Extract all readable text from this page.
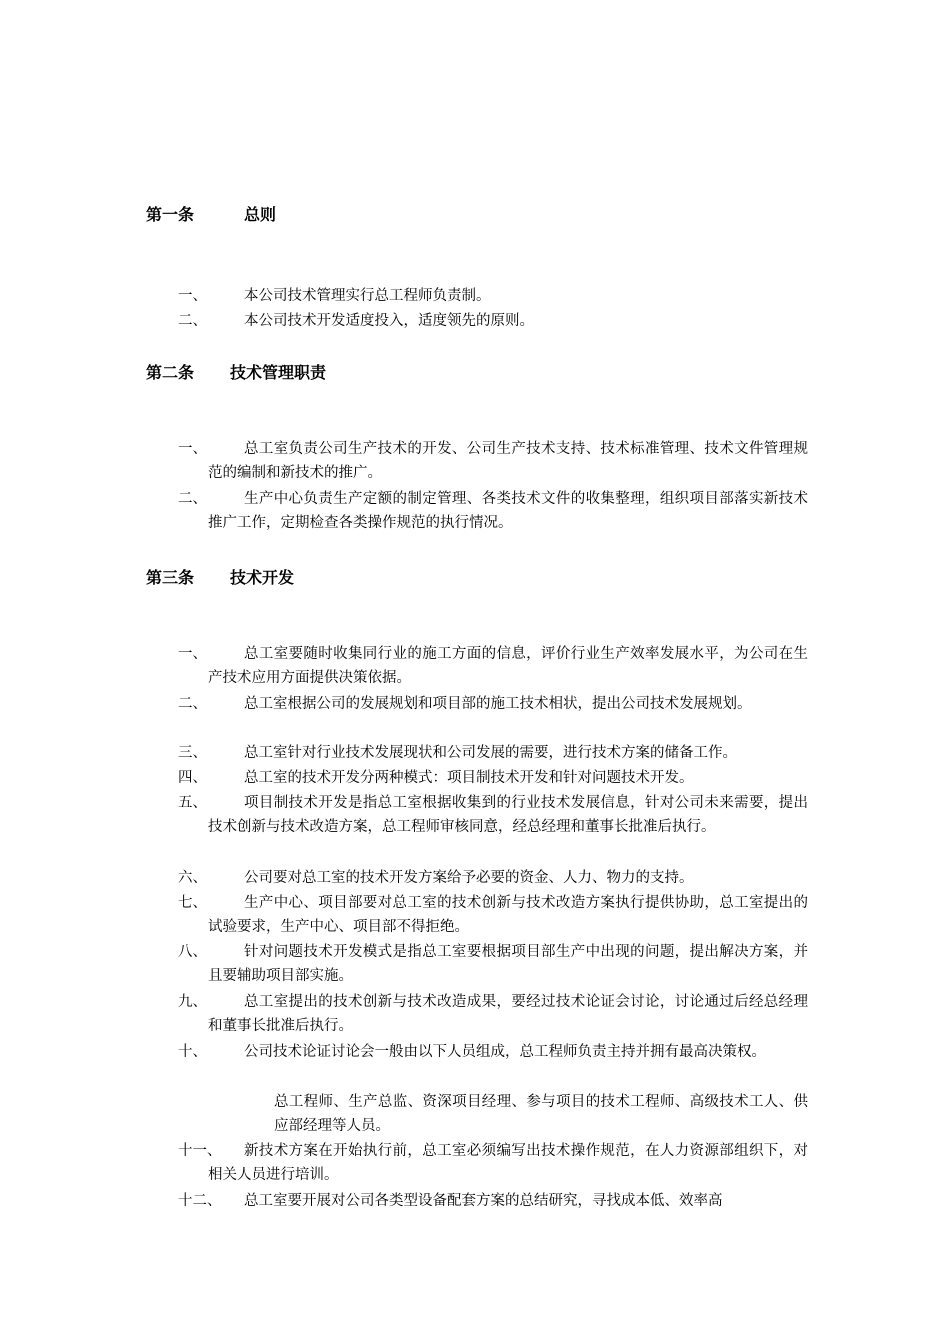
第一条	总则
一、	本公司技术管理实行总工程师负责制。
二、	本公司技术开发适度投入，适度领先的原则。
第二条 技术管理职责
一、	总工室负责公司生产技术的开发、公司生产技术支持、技术标准管理、技术文件管理规范的编制和新技术的推广。
二、	生产中心负责生产定额的制定管理、各类技术文件的收集整理，组织项目部落实新技术推广工作，定期检查各类操作规范的执行情况。
第三条 技术开发
一、	总工室要随时收集同行业的施工方面的信息，评价行业生产效率发展水平，为公司在生产技术应用方面提供决策依据。
二、	总工室根据公司的发展规划和项目部的施工技术相状，提出公司技术发展规划。
三、	总工室针对行业技术发展现状和公司发展的需要，进行技术方案的储备工作。
四、	总工室的技术开发分两种模式：项目制技术开发和针对问题技术开发。
五、	项目制技术开发是指总工室根据收集到的行业技术发展信息，针对公司未来需要，提出技术创新与技术改造方案，总工程师审核同意，经总经理和董事长批准后执行。
六、	公司要对总工室的技术开发方案给予必要的资金、人力、物力的支持。
七、	生产中心、项目部要对总工室的技术创新与技术改造方案执行提供协助，总工室提出的试验要求，生产中心、项目部不得拒绝。
八、	针对问题技术开发模式是指总工室要根据项目部生产中出现的问题，提出解决方案，并且要辅助项目部实施。
九、	总工室提出的技术创新与技术改造成果，要经过技术论证会讨论，讨论通过后经总经理和董事长批准后执行。
十、	公司技术论证讨论会一般由以下人员组成，总工程师负责主持并拥有最高决策权。
总工程师、生产总监、资深项目经理、参与项目的技术工程师、高级技术工人、供应部经理等人员。
十一、	新技术方案在开始执行前，总工室必须编写出技术操作规范，在人力资源部组织下，对相关人员进行培训。
十二、	总工室要开展对公司各类型设备配套方案的总结研究，寻找成本低、效率高
